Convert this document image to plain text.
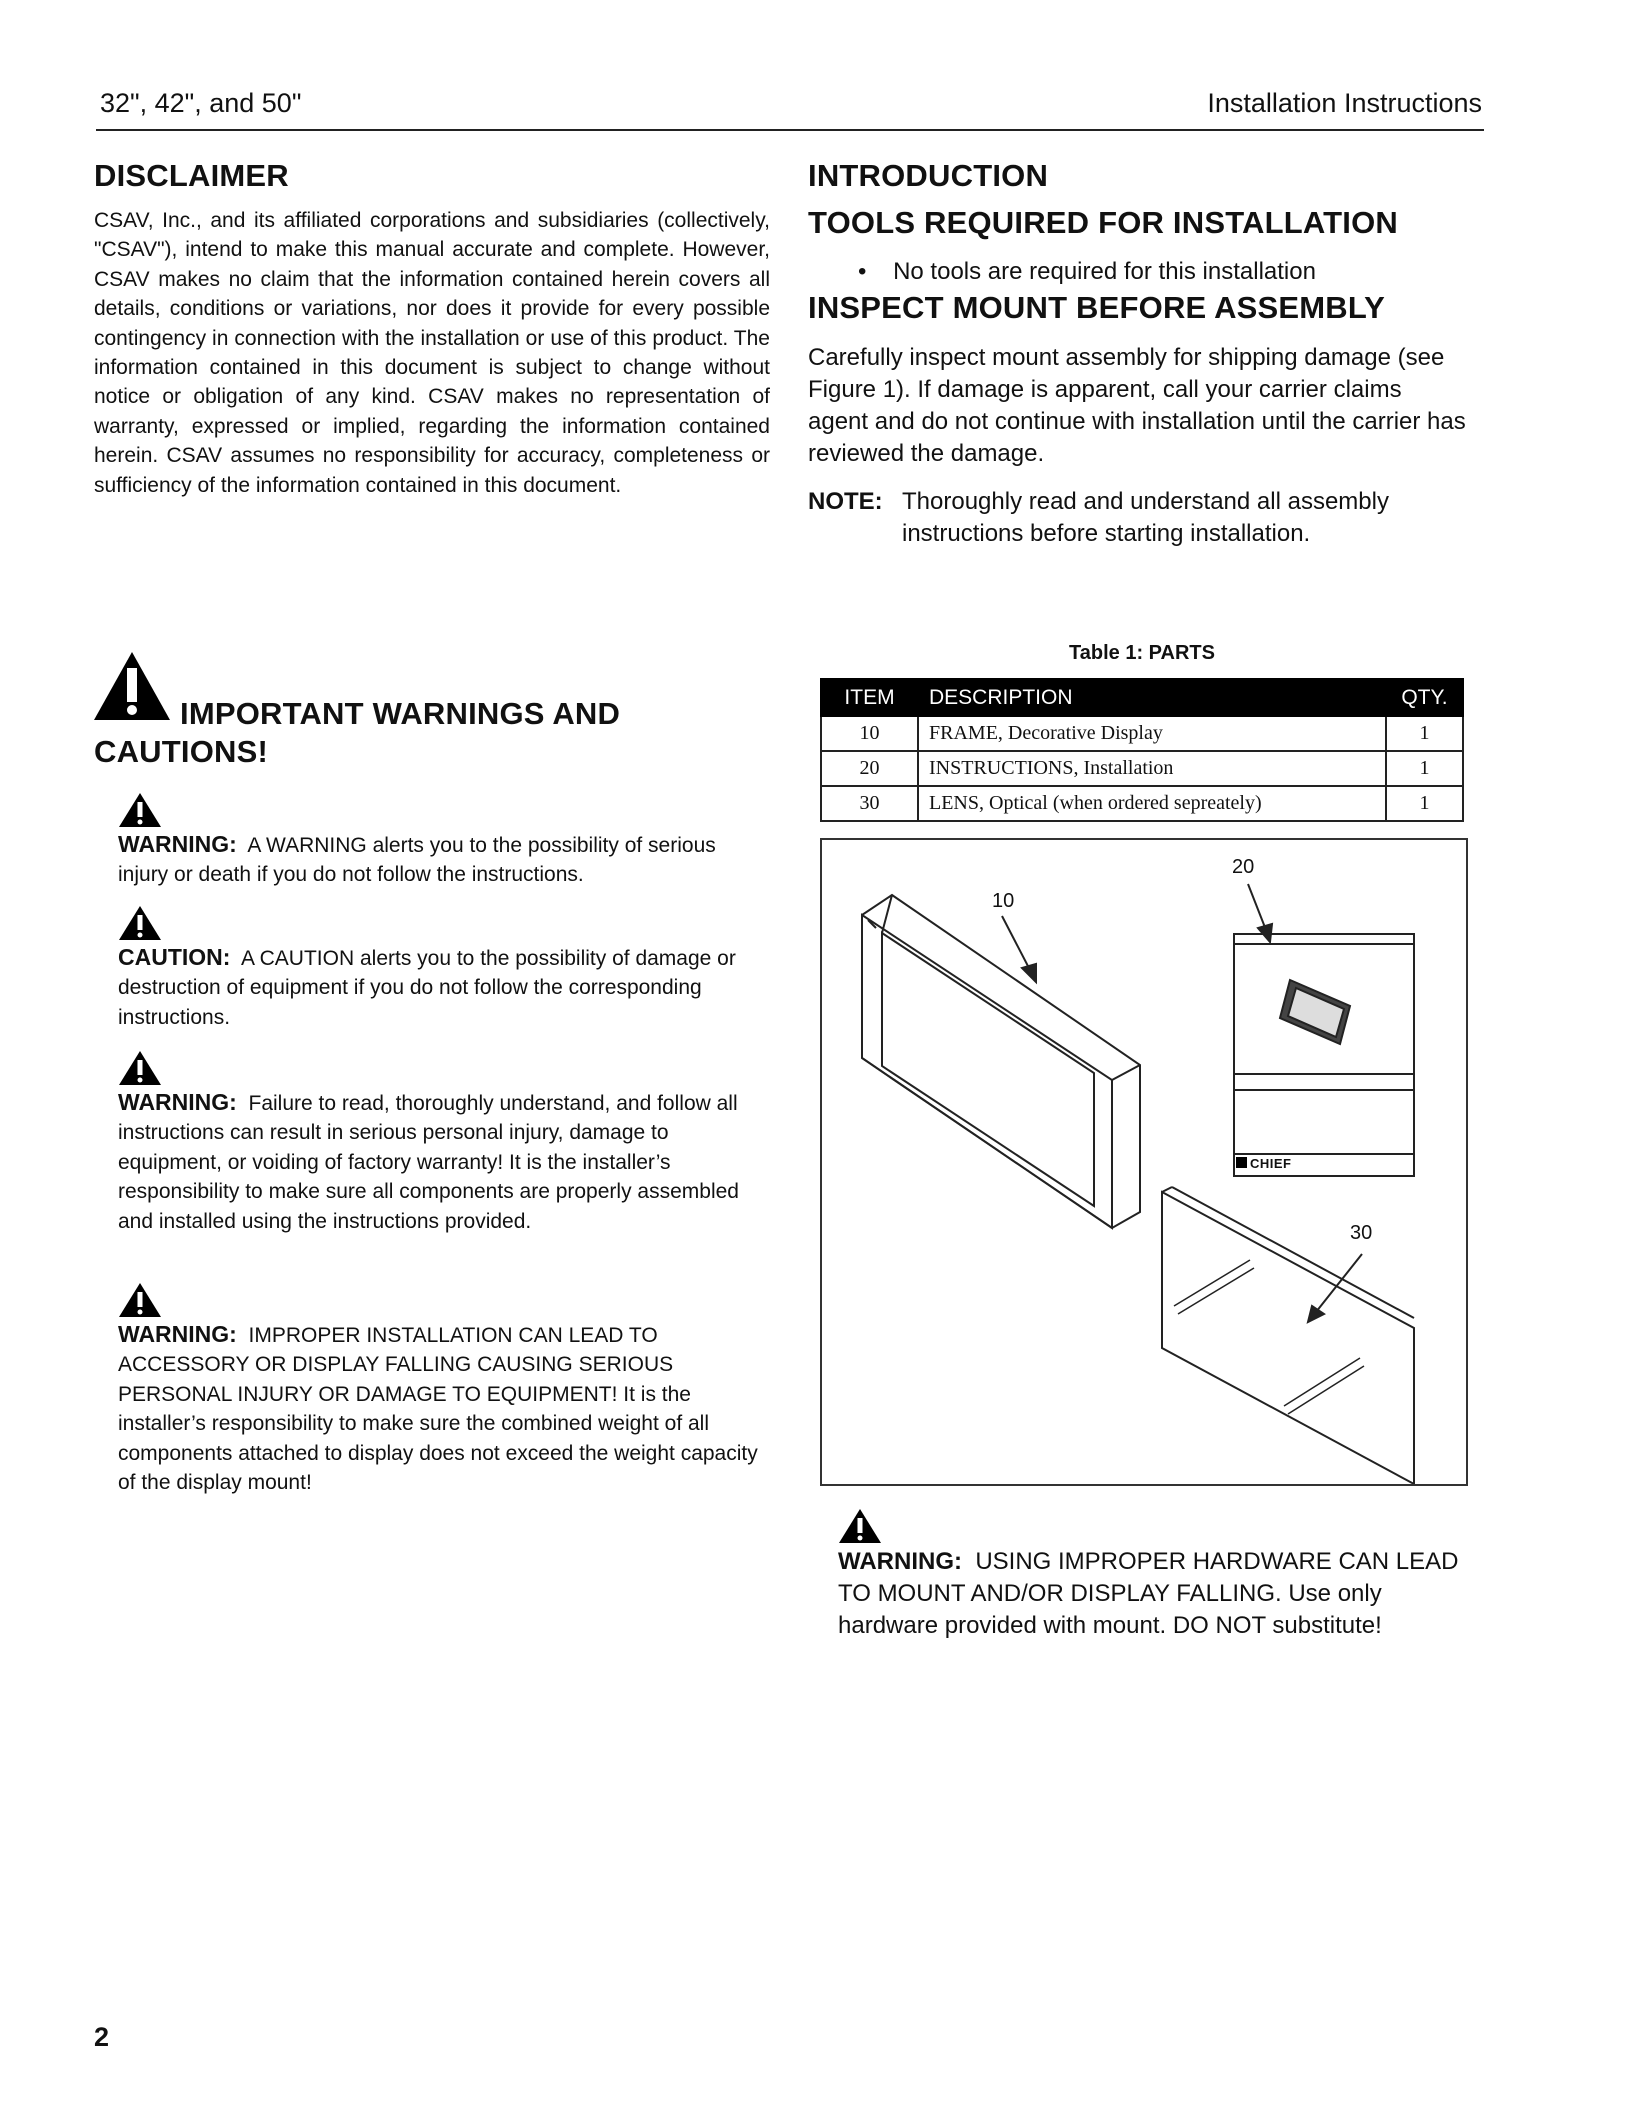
32", 42", and 50"	Installation Instructions
DISCLAIMER
CSAV, Inc., and its affiliated corporations and subsidiaries (collectively, "CSAV"), intend to make this manual accurate and complete. However, CSAV makes no claim that the information contained herein covers all details, conditions or variations, nor does it provide for every possible contingency in connection with the installation or use of this product. The information contained in this document is subject to change without notice or obligation of any kind. CSAV makes no representation of warranty, expressed or implied, regarding the information contained herein. CSAV assumes no responsibility for accuracy, completeness or sufficiency of the information contained in this document.
IMPORTANT WARNINGS AND
CAUTIONS!
WARNING: A WARNING alerts you to the possibility of serious injury or death if you do not follow the instructions.
CAUTION: A CAUTION alerts you to the possibility of damage or destruction of equipment if you do not follow the corresponding instructions.
WARNING: Failure to read, thoroughly understand, and follow all instructions can result in serious personal injury, damage to equipment, or voiding of factory warranty! It is the installer’s responsibility to make sure all components are properly assembled and installed using the instructions provided.
WARNING: IMPROPER INSTALLATION CAN LEAD TO ACCESSORY OR DISPLAY FALLING CAUSING SERIOUS PERSONAL INJURY OR DAMAGE TO EQUIPMENT! It is the installer’s responsibility to make sure the combined weight of all components attached to display does not exceed the weight capacity of the display mount!
INTRODUCTION
TOOLS REQUIRED FOR INSTALLATION
• No tools are required for this installation
INSPECT MOUNT BEFORE ASSEMBLY
Carefully inspect mount assembly for shipping damage (see Figure 1). If damage is apparent, call your carrier claims agent and do not continue with installation until the carrier has reviewed the damage.
NOTE: Thoroughly read and understand all assembly instructions before starting installation.
Table 1: PARTS
ITEM	DESCRIPTION	QTY.
10	FRAME, Decorative Display	1
20	INSTRUCTIONS, Installation	1
30	LENS, Optical (when ordered sepreately)	1
10
20
30
CHIEF
WARNING: USING IMPROPER HARDWARE CAN LEAD TO MOUNT AND/OR DISPLAY FALLING. Use only hardware provided with mount. DO NOT substitute!
2
